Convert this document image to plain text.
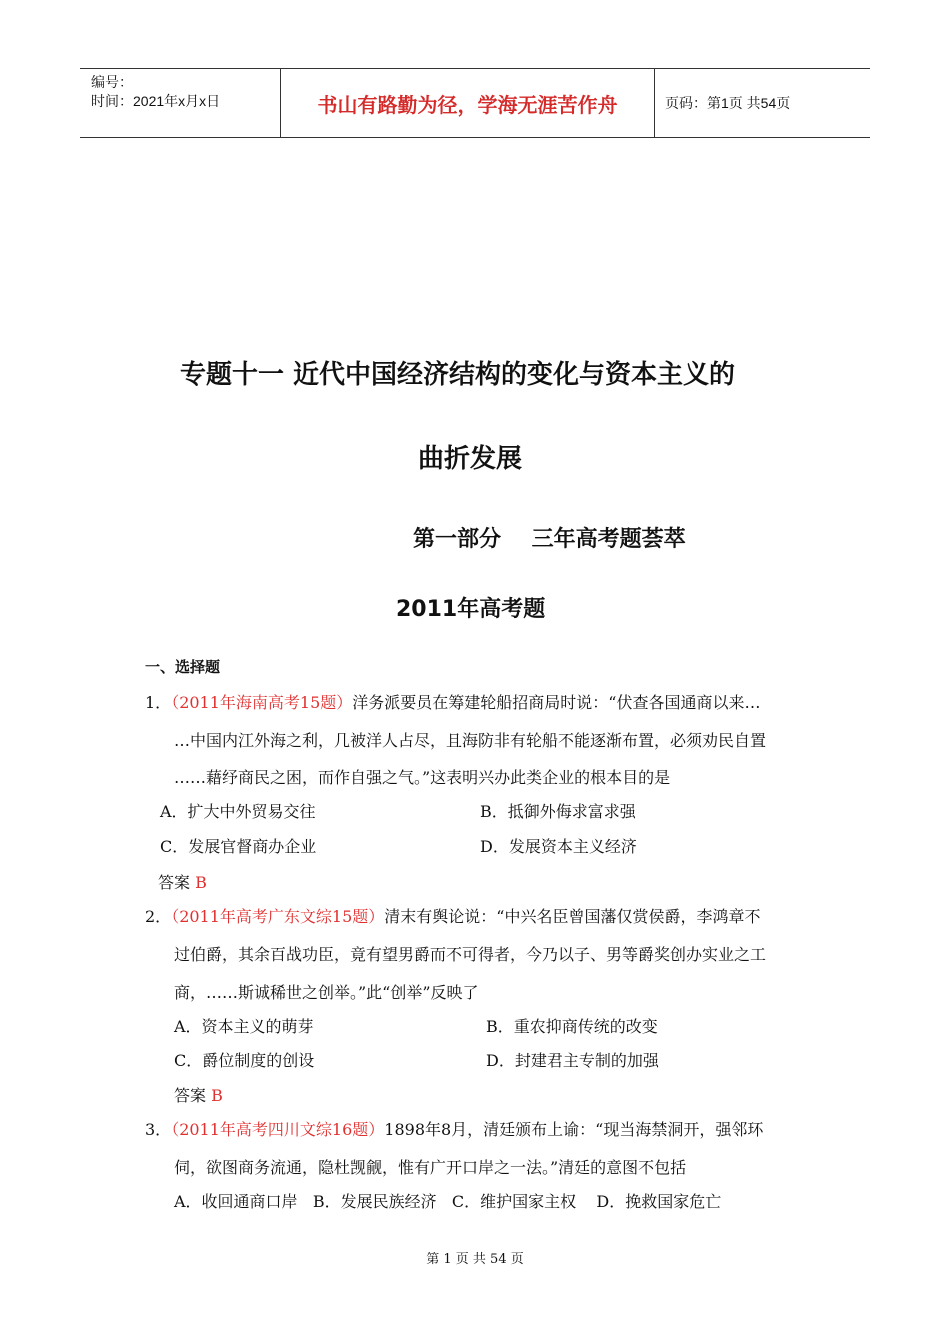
编号：
时间：2021年x月x日	书山有路勤为径，学海无涯苦作舟	页码：第1页 共54页
专题十一 近代中国经济结构的变化与资本主义的
曲折发展
第一部分    三年高考题荟萃
2011年高考题
一、选择题
1．（2011年海南高考15题）洋务派要员在筹建轮船招商局时说：“伏查各国通商以来…
…中国内江外海之利，几被洋人占尽，且海防非有轮船不能逐渐布置，必须劝民自置
……藉纾商民之困，而作自强之气。”这表明兴办此类企业的根本目的是
A．扩大中外贸易交往	B．抵御外侮求富求强
C．发展官督商办企业	D．发展资本主义经济
答案 B
2．（2011年高考广东文综15题）清末有舆论说：“中兴名臣曾国藩仅赏侯爵，李鸿章不
过伯爵，其余百战功臣，竟有望男爵而不可得者，今乃以子、男等爵奖创办实业之工
商，……斯诚稀世之创举。”此“创举”反映了
A．资本主义的萌芽	B．重农抑商传统的改变
C．爵位制度的创设	D．封建君主专制的加强
答案 B
3．（2011年高考四川文综16题）1898年8月，清廷颁布上谕：“现当海禁洞开，强邻环
伺，欲图商务流通，隐杜觊觎，惟有广开口岸之一法。”清廷的意图不包括
A．收回通商口岸   B．发展民族经济   C．维护国家主权    D．挽救国家危亡
第 1 页 共 54 页
